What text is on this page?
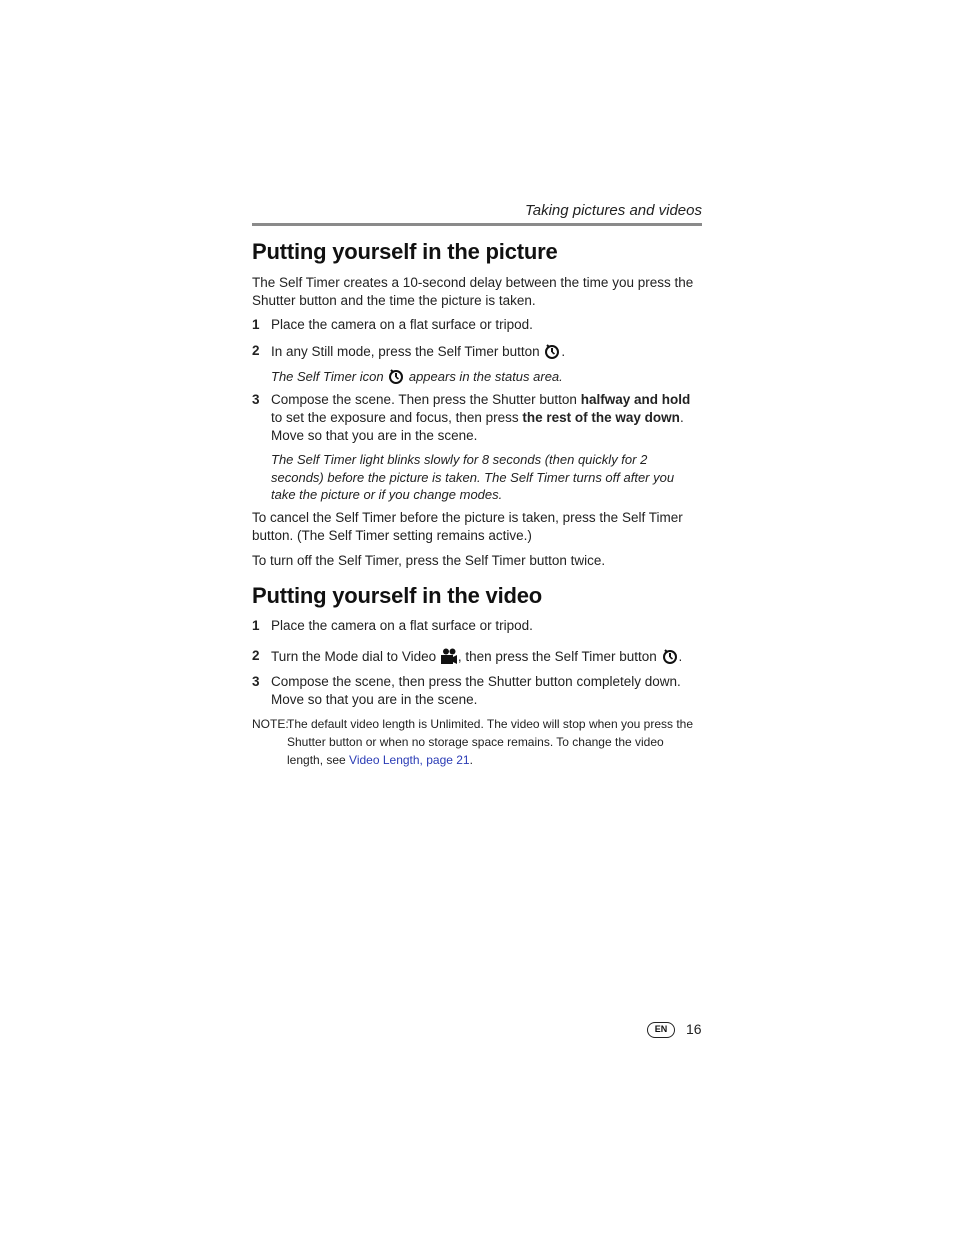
Taking pictures and videos
Putting yourself in the picture
The Self Timer creates a 10-second delay between the time you press the Shutter button and the time the picture is taken.
1 Place the camera on a flat surface or tripod.
2 In any Still mode, press the Self Timer button .
The Self Timer icon appears in the status area.
3 Compose the scene. Then press the Shutter button halfway and hold to set the exposure and focus, then press the rest of the way down. Move so that you are in the scene.
The Self Timer light blinks slowly for 8 seconds (then quickly for 2 seconds) before the picture is taken. The Self Timer turns off after you take the picture or if you change modes.
To cancel the Self Timer before the picture is taken, press the Self Timer button. (The Self Timer setting remains active.)
To turn off the Self Timer, press the Self Timer button twice.
Putting yourself in the video
1 Place the camera on a flat surface or tripod.
2 Turn the Mode dial to Video , then press the Self Timer button .
3 Compose the scene, then press the Shutter button completely down. Move so that you are in the scene.
NOTE:
The default video length is Unlimited. The video will stop when you press the Shutter button or when no storage space remains. To change the video length, see Video Length, page 21.
EN	16
